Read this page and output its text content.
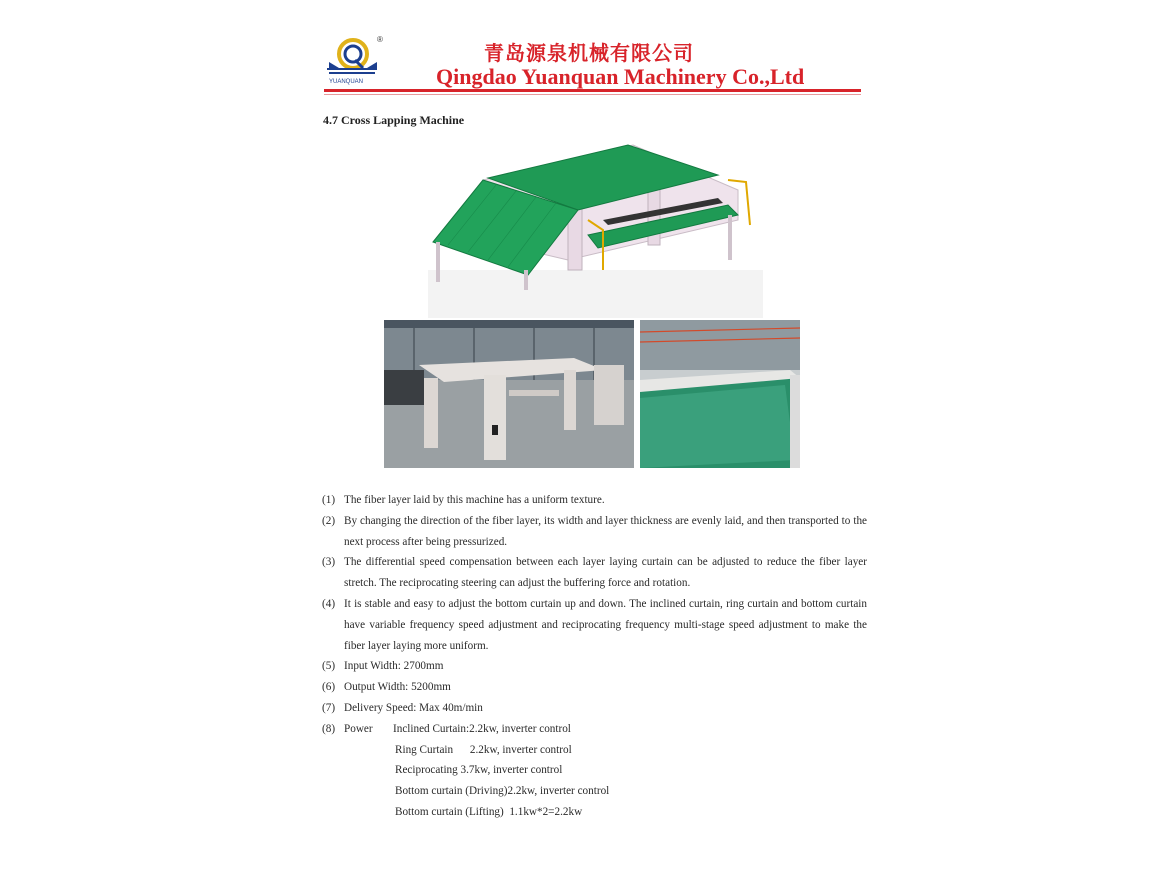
YUANQUAN
®
青岛源泉机械有限公司
Qingdao Yuanquan Machinery Co.,Ltd
4.7 Cross Lapping Machine
(1) The fiber layer laid by this machine has a uniform texture.
(2) By changing the direction of the fiber layer, its width and layer thickness are evenly laid, and then transported to the next process after being pressurized.
(3) The differential speed compensation between each layer laying curtain can be adjusted to reduce the fiber layer stretch. The reciprocating steering can adjust the buffering force and rotation.
(4) It is stable and easy to adjust the bottom curtain up and down. The inclined curtain, ring curtain and bottom curtain have variable frequency speed adjustment and reciprocating frequency multi-stage speed adjustment to make the fiber layer laying more uniform.
(5) Input Width: 2700mm
(6) Output Width: 5200mm
(7) Delivery Speed: Max 40m/min
(8) Power Inclined Curtain:2.2kw, inverter control
Ring Curtain      2.2kw, inverter control
Reciprocating 3.7kw, inverter control
Bottom curtain (Driving)2.2kw, inverter control
Bottom curtain (Lifting)  1.1kw*2=2.2kw
